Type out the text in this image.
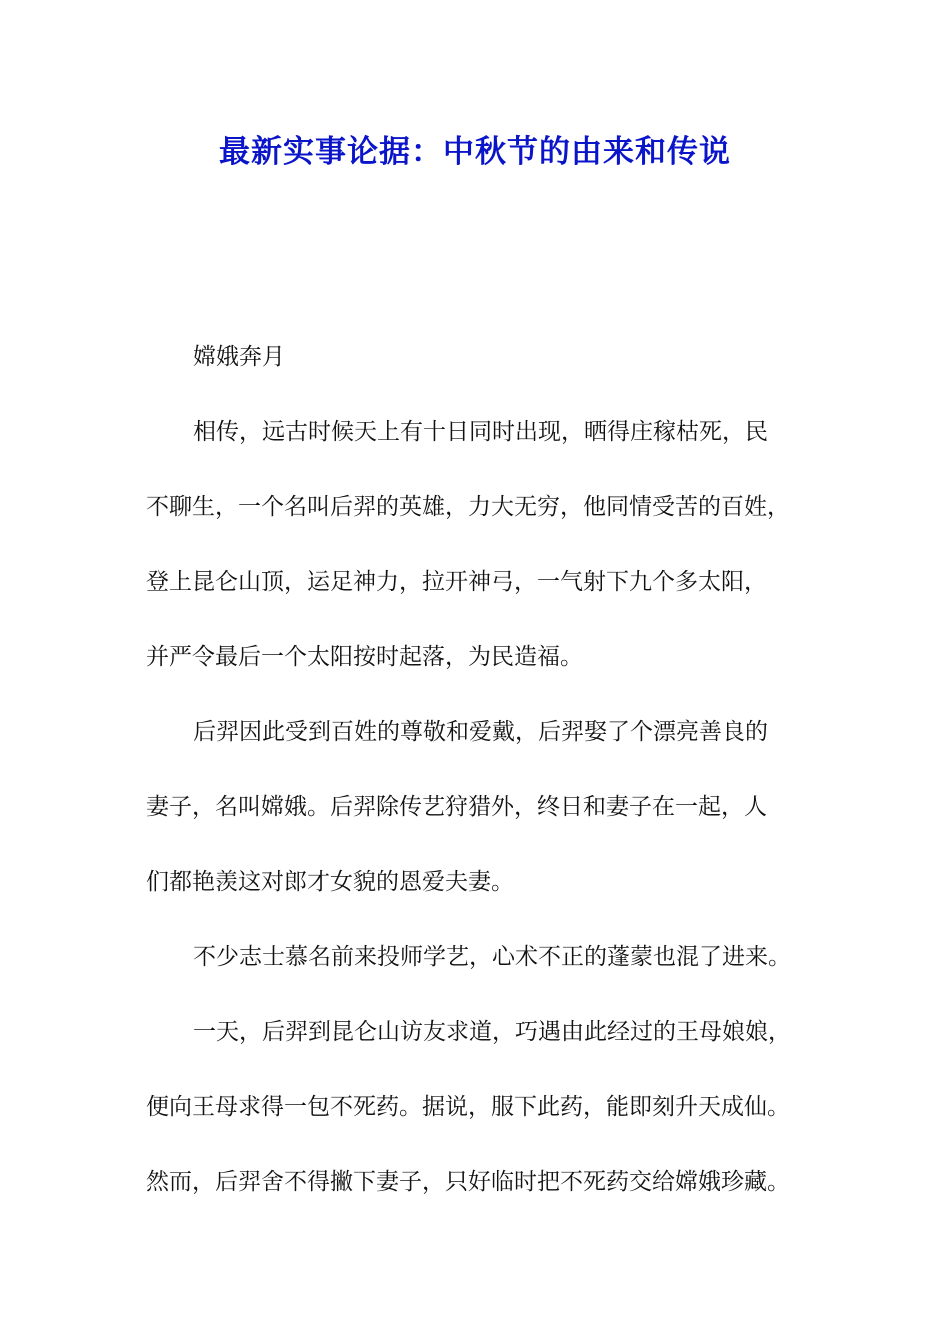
最新实事论据：中秋节的由来和传说
嫦娥奔月

相传，远古时候天上有十日同时出现，晒得庄稼枯死，民
不聊生，一个名叫后羿的英雄，力大无穷，他同情受苦的百姓，
登上昆仑山顶，运足神力，拉开神弓，一气射下九个多太阳，
并严令最后一个太阳按时起落，为民造福。

后羿因此受到百姓的尊敬和爱戴，后羿娶了个漂亮善良的
妻子，名叫嫦娥。后羿除传艺狩猎外，终日和妻子在一起，人
们都艳羡这对郎才女貌的恩爱夫妻。

不少志士慕名前来投师学艺，心术不正的蓬蒙也混了进来。

一天，后羿到昆仑山访友求道，巧遇由此经过的王母娘娘，
便向王母求得一包不死药。据说，服下此药，能即刻升天成仙。
然而，后羿舍不得撇下妻子，只好临时把不死药交给嫦娥珍藏。
